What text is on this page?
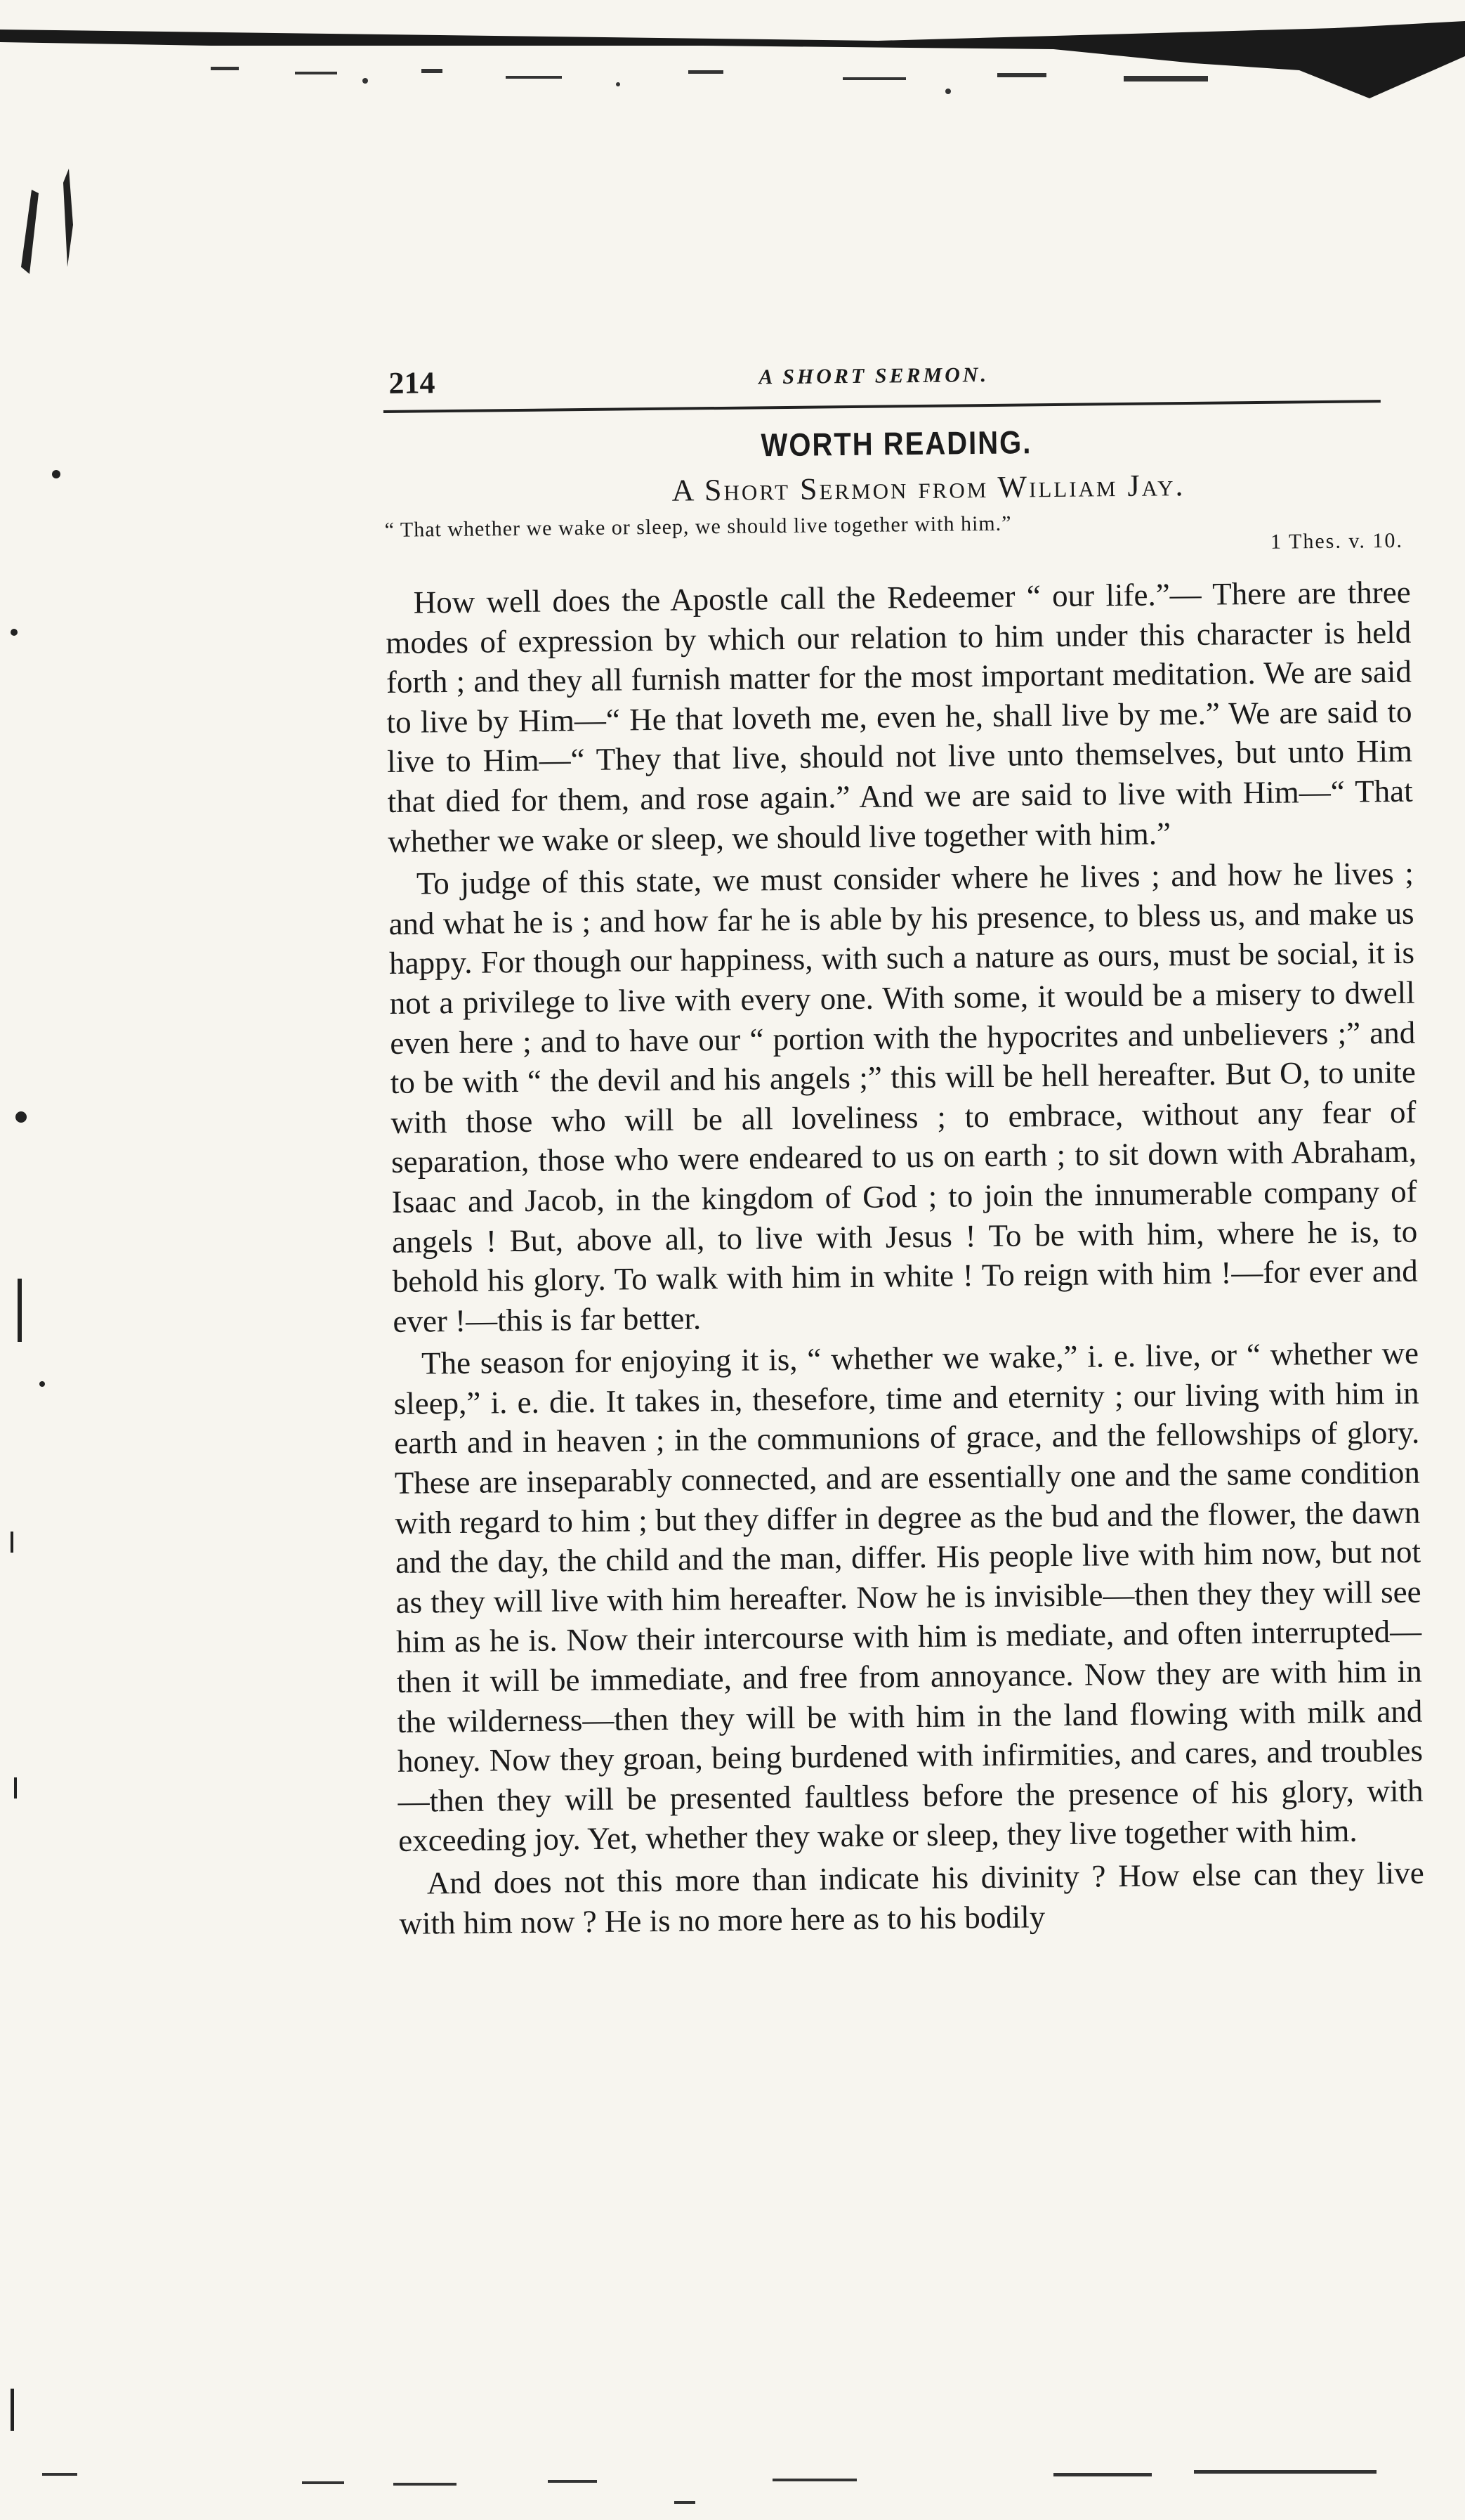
214	A SHORT SERMON.
WORTH READING.
A Short Sermon from William Jay.
“ That whether we wake or sleep, we should live together with him.”	1 Thes. v. 10.

How well does the Apostle call the Redeemer “ our life.”— There are three modes of expression by which our relation to him under this character is held forth ; and they all furnish matter for the most important meditation. We are said to live by Him—“ He that loveth me, even he, shall live by me.” We are said to live to Him—“ They that live, should not live unto themselves, but unto Him that died for them, and rose again.” And we are said to live with Him—“ That whether we wake or sleep, we should live together with him.”

To judge of this state, we must consider where he lives ; and how he lives ; and what he is ; and how far he is able by his presence, to bless us, and make us happy. For though our happiness, with such a nature as ours, must be social, it is not a privilege to live with every one. With some, it would be a misery to dwell even here ; and to have our “ portion with the hypocrites and unbelievers ;” and to be with “ the devil and his angels ;” this will be hell hereafter. But O, to unite with those who will be all loveliness ; to embrace, without any fear of separation, those who were endeared to us on earth ; to sit down with Abraham, Isaac and Jacob, in the kingdom of God ; to join the innumerable company of angels ! But, above all, to live with Jesus ! To be with him, where he is, to behold his glory. To walk with him in white ! To reign with him !—for ever and ever !—this is far better.

The season for enjoying it is, “ whether we wake,” i. e. live, or “ whether we sleep,” i. e. die. It takes in, thesefore, time and eternity ; our living with him in earth and in heaven ; in the communions of grace, and the fellowships of glory. These are inseparably connected, and are essentially one and the same condition with regard to him ; but they differ in degree as the bud and the flower, the dawn and the day, the child and the man, differ. His people live with him now, but not as they will live with him hereafter. Now he is invisible—then they they will see him as he is. Now their intercourse with him is mediate, and often interrupted—then it will be immediate, and free from annoyance. Now they are with him in the wilderness—then they will be with him in the land flowing with milk and honey. Now they groan, being burdened with infirmities, and cares, and troubles—then they will be presented faultless before the presence of his glory, with exceeding joy. Yet, whether they wake or sleep, they live together with him.

And does not this more than indicate his divinity ? How else can they live with him now ? He is no more here as to his bodily
